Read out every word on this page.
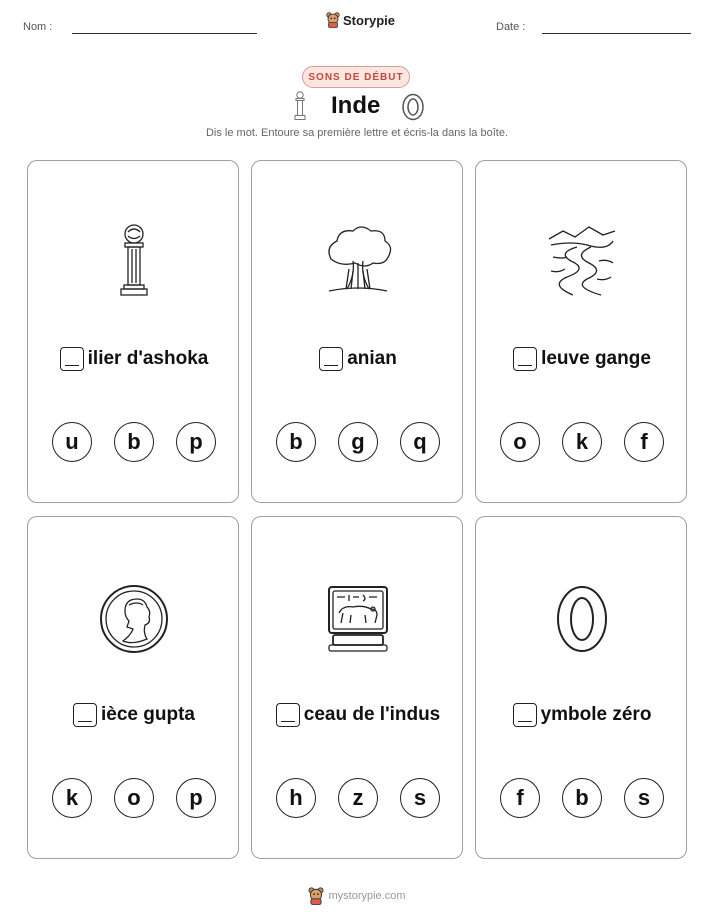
Nom :	Storypie	Date :
SONS DE DÉBUT
Inde
Dis le mot. Entoure sa première lettre et écris-la dans la boîte.
ilier d'ashoka
u	b	p
anian
b	g	q
leuve gange
o	k	f
ièce gupta
k	o	p
ceau de l'indus
h	z	s
ymbole zéro
f	b	s
mystorypie.com
